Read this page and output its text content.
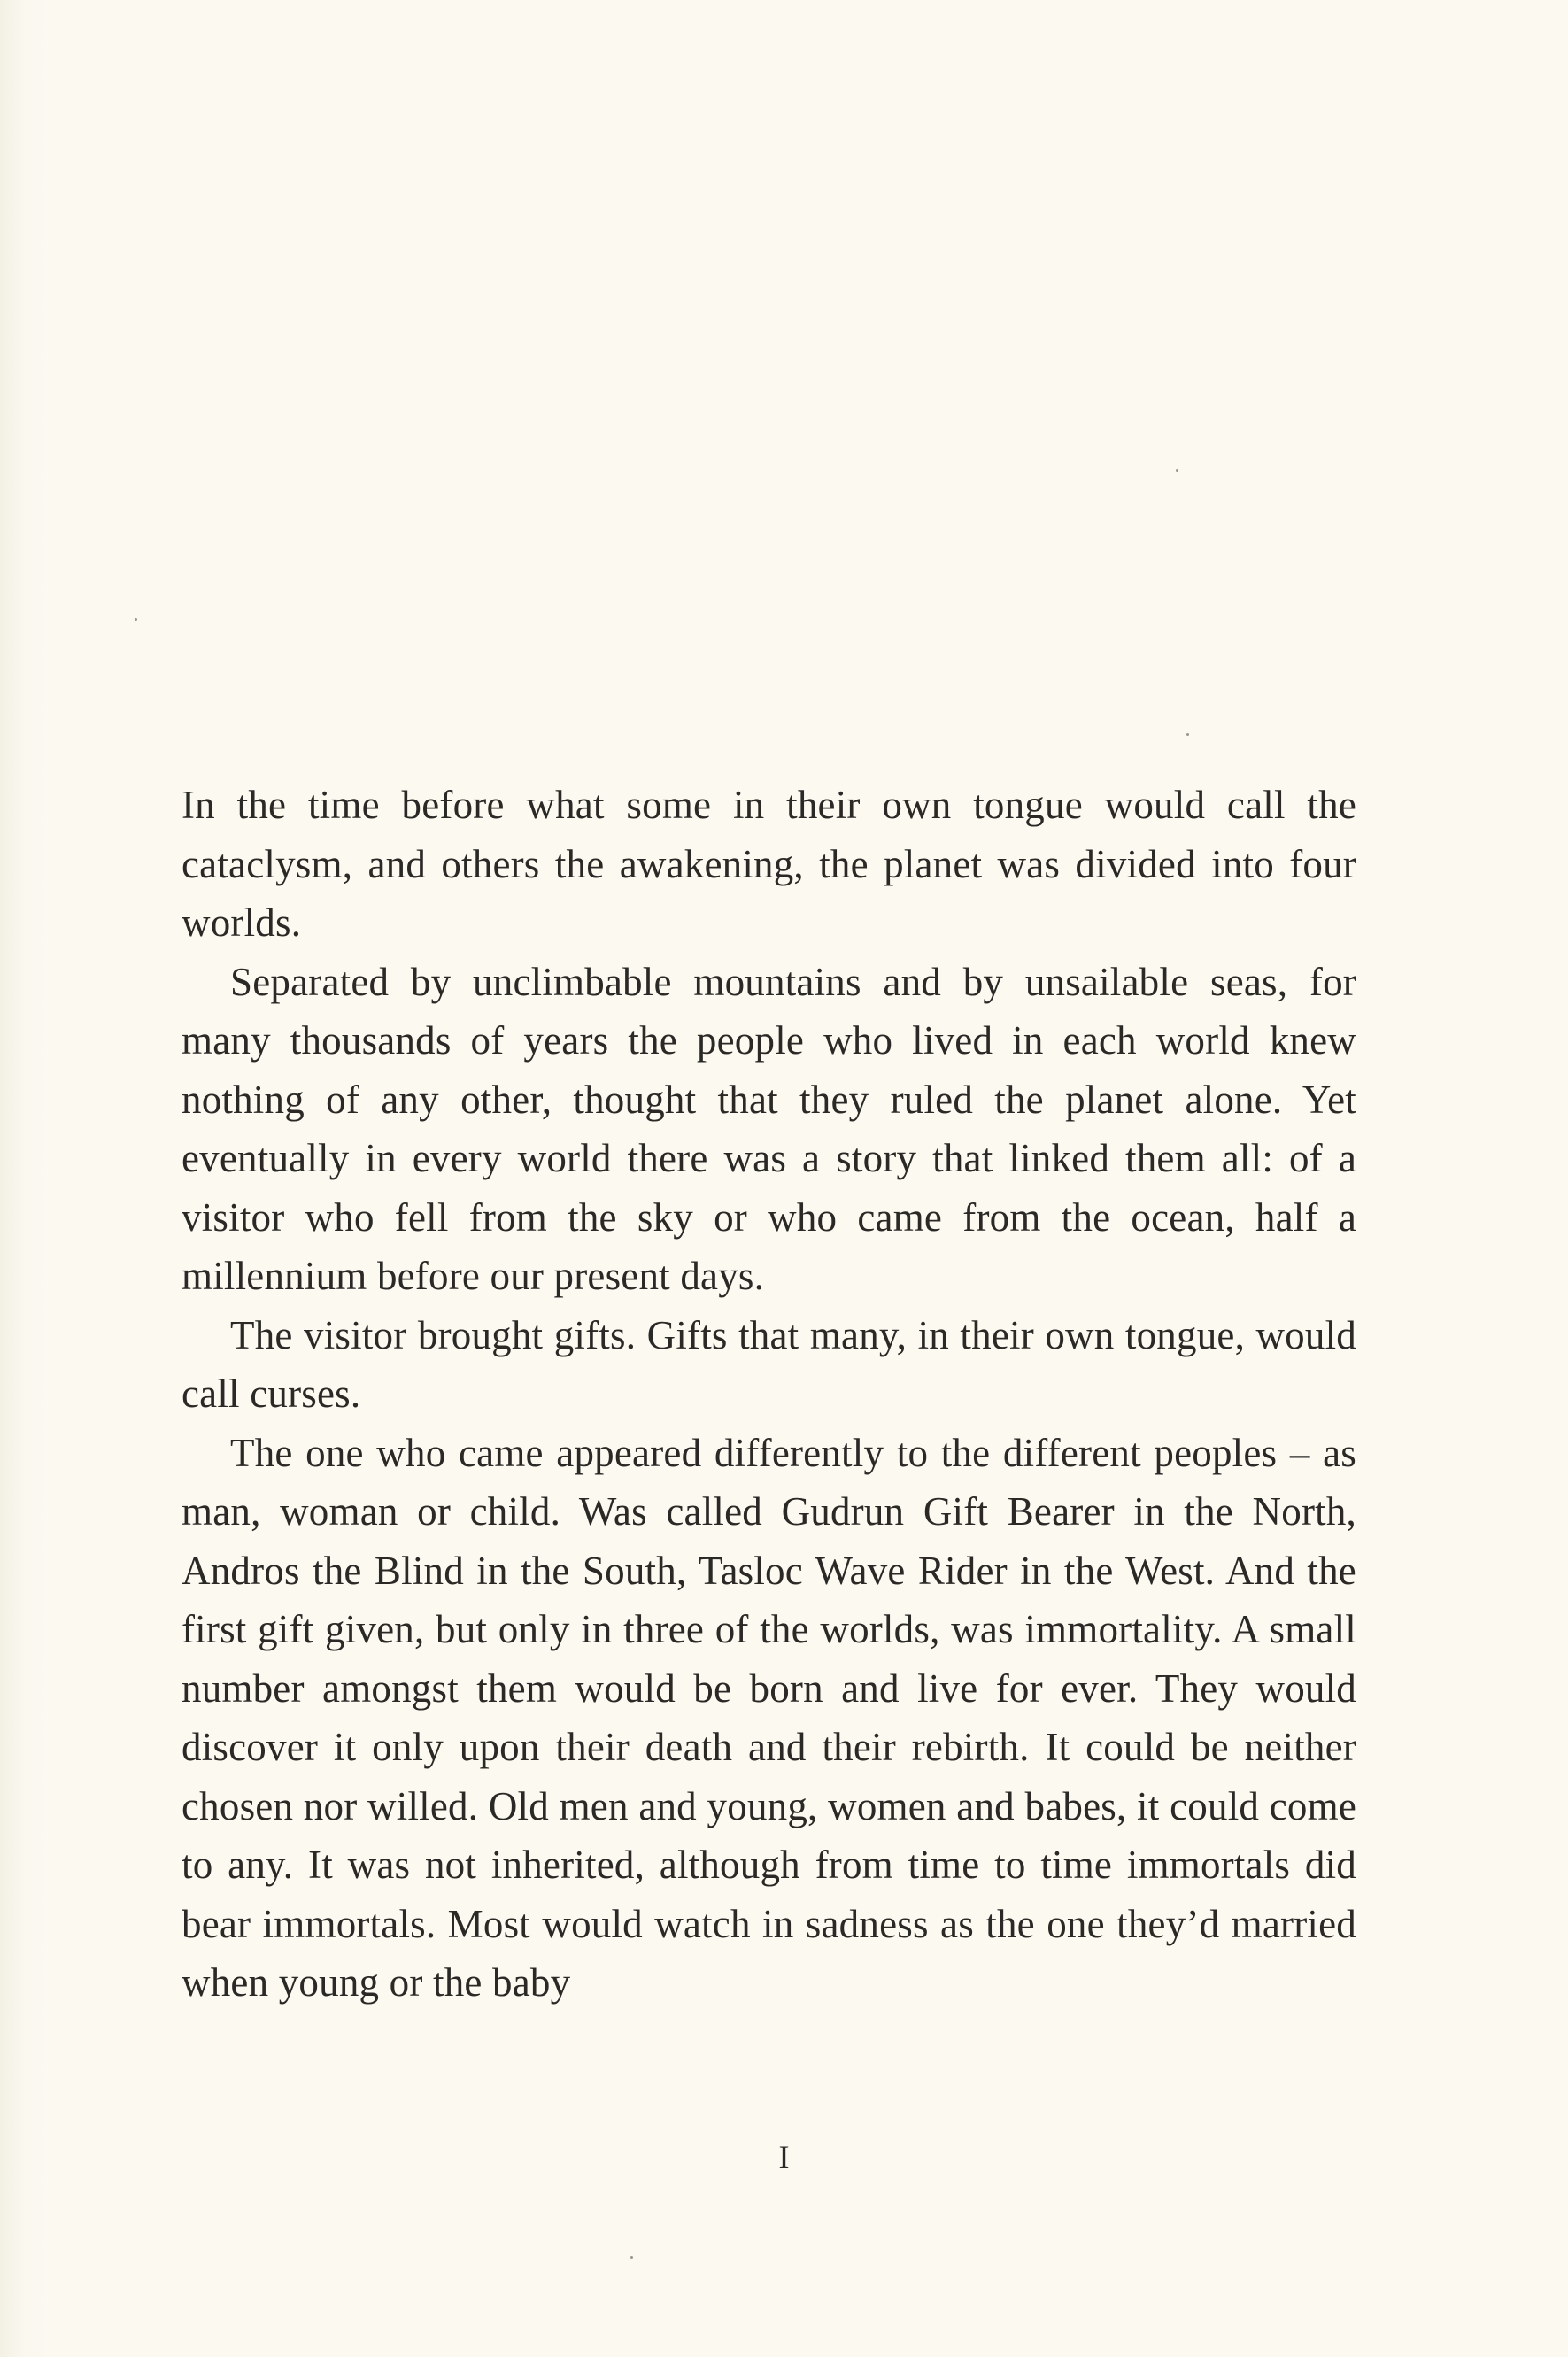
In the time before what some in their own tongue would call the cataclysm, and others the awakening, the planet was divided into four worlds.

Separated by unclimbable mountains and by unsailable seas, for many thousands of years the people who lived in each world knew nothing of any other, thought that they ruled the planet alone. Yet eventually in every world there was a story that linked them all: of a visitor who fell from the sky or who came from the ocean, half a millennium before our present days.

The visitor brought gifts. Gifts that many, in their own tongue, would call curses.

The one who came appeared differently to the different peoples – as man, woman or child. Was called Gudrun Gift Bearer in the North, Andros the Blind in the South, Tasloc Wave Rider in the West. And the first gift given, but only in three of the worlds, was immortality. A small number amongst them would be born and live for ever. They would discover it only upon their death and their rebirth. It could be neither chosen nor willed. Old men and young, women and babes, it could come to any. It was not inherited, although from time to time immortals did bear immortals. Most would watch in sadness as the one they’d married when young or the baby

I
